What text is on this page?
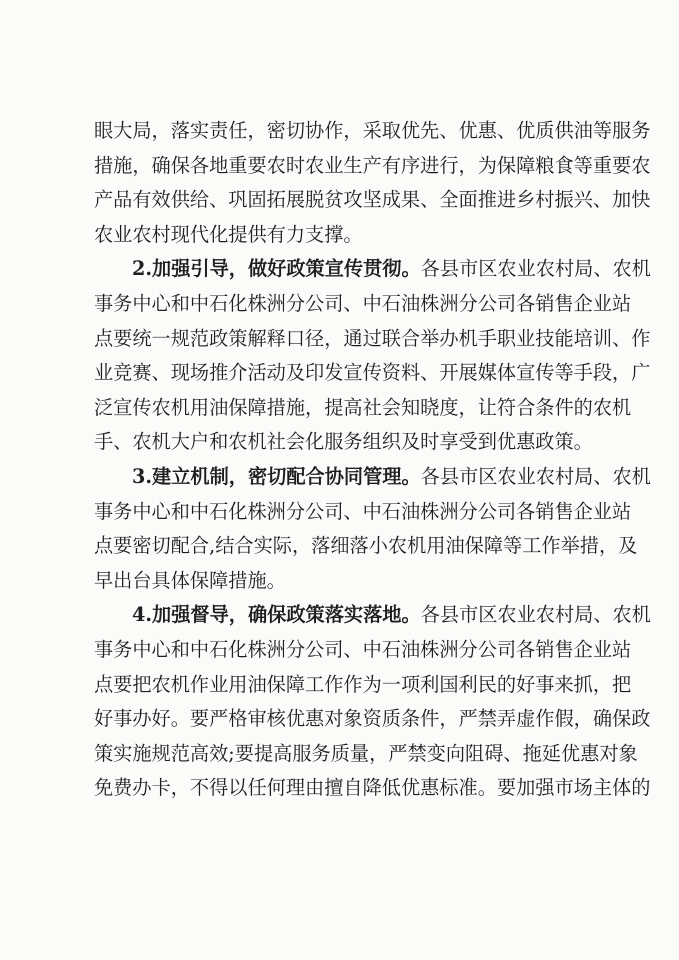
眼大局，落实责任，密切协作，采取优先、优惠、优质供油等服务
措施，确保各地重要农时农业生产有序进行，为保障粮食等重要农
产品有效供给、巩固拓展脱贫攻坚成果、全面推进乡村振兴、加快
农业农村现代化提供有力支撑。
2.加强引导，做好政策宣传贯彻。各县市区农业农村局、农机
事务中心和中石化株洲分公司、中石油株洲分公司各销售企业站
点要统一规范政策解释口径，通过联合举办机手职业技能培训、作
业竞赛、现场推介活动及印发宣传资料、开展媒体宣传等手段，广
泛宣传农机用油保障措施，提高社会知晓度，让符合条件的农机
手、农机大户和农机社会化服务组织及时享受到优惠政策。
3.建立机制，密切配合协同管理。各县市区农业农村局、农机
事务中心和中石化株洲分公司、中石油株洲分公司各销售企业站
点要密切配合,结合实际，落细落小农机用油保障等工作举措，及
早出台具体保障措施。
4.加强督导，确保政策落实落地。各县市区农业农村局、农机
事务中心和中石化株洲分公司、中石油株洲分公司各销售企业站
点要把农机作业用油保障工作作为一项利国利民的好事来抓，把
好事办好。要严格审核优惠对象资质条件，严禁弄虚作假，确保政
策实施规范高效;要提高服务质量，严禁变向阻碍、拖延优惠对象
免费办卡，不得以任何理由擅自降低优惠标准。要加强市场主体的
